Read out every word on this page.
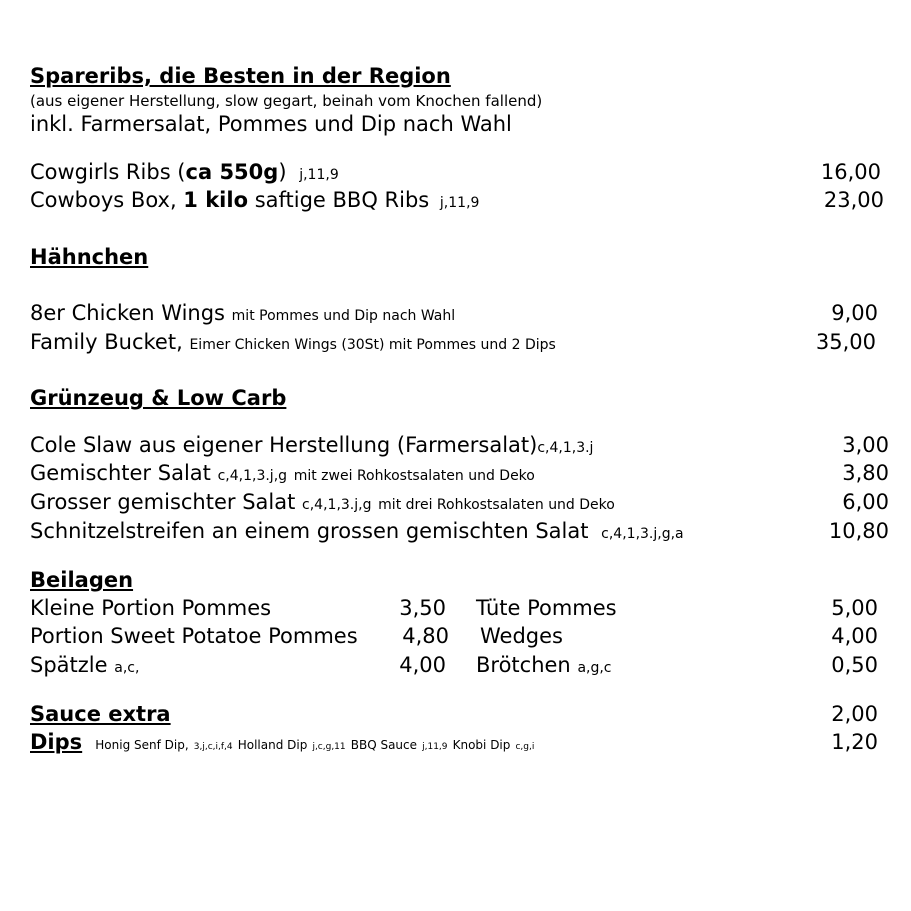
Spareribs, die Besten in der Region
(aus eigener Herstellung, slow gegart, beinah vom Knochen fallend)
inkl. Farmersalat, Pommes und Dip nach Wahl
Cowgirls Ribs (ca 550g) j,11,9	16,00
Cowboys Box, 1 kilo saftige BBQ Ribs j,11,9	23,00
Hähnchen
8er Chicken Wings mit Pommes und Dip nach Wahl	9,00
Family Bucket, Eimer Chicken Wings (30St) mit Pommes und 2 Dips	35,00
Grünzeug & Low Carb
Cole Slaw aus eigener Herstellung (Farmersalat)c,4,1,3.j	3,00
Gemischter Salat c,4,1,3.j,g mit zwei Rohkostsalaten und Deko	3,80
Grosser gemischter Salat c,4,1,3.j,g mit drei Rohkostsalaten und Deko	6,00
Schnitzelstreifen an einem grossen gemischten Salat c,4,1,3.j,g,a	10,80
Beilagen
Kleine Portion Pommes	3,50 Tüte Pommes	5,00
Portion Sweet Potatoe Pommes 4,80 Wedges	4,00
Spätzle a,c,	4,00 Brötchen a,g,c	0,50
Sauce extra	2,00
Dips Honig Senf Dip, 3,j,c,i,f,4 Holland Dip j,c,g,11 BBQ Sauce j,11,9 Knobi Dip c,g,i	1,20
